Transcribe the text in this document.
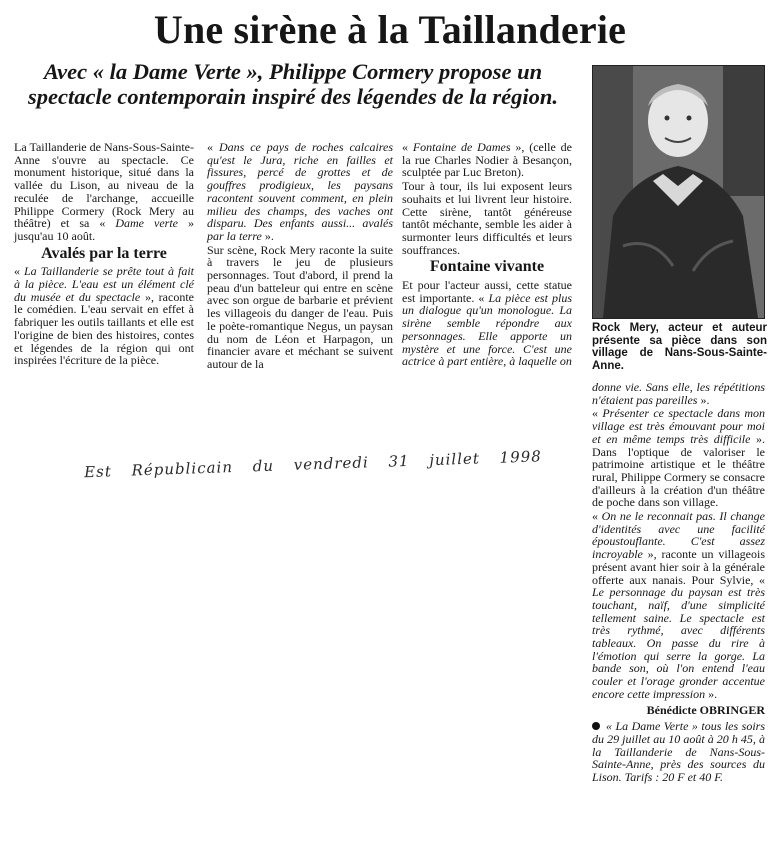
Une sirène à la Taillanderie
Avec « la Dame Verte », Philippe Cormery propose un spectacle contemporain inspiré des légendes de la région.

La Taillanderie de Nans-Sous-Sainte-Anne s'ouvre au spectacle. Ce monument historique, situé dans la vallée du Lison, au niveau de la reculée de l'archange, accueille Philippe Cormery (Rock Mery au théâtre) et sa « Dame verte » jusqu'au 10 août.

Avalés par la terre

« La Taillanderie se prête tout à fait à la pièce. L'eau est un élément clé du musée et du spectacle », raconte le comédien. L'eau servait en effet à fabriquer les outils taillants et elle est l'origine de bien des histoires, contes et légendes de la région qui ont inspirées l'écriture de la pièce.

« Dans ce pays de roches calcaires qu'est le Jura, riche en failles et fissures, percé de grottes et de gouffres prodigieux, les paysans racontent souvent comment, en plein milieu des champs, des vaches ont disparu. Des enfants aussi... avalés par la terre ».

Sur scène, Rock Mery raconte la suite à travers le jeu de plusieurs personnages. Tout d'abord, il prend la peau d'un batteleur qui entre en scène avec son orgue de barbarie et prévient les villageois du danger de l'eau. Puis le poète-romantique Negus, un paysan du nom de Léon et Harpagon, un financier avare et méchant se suivent autour de la

« Fontaine de Dames », (celle de la rue Charles Nodier à Besançon, sculptée par Luc Breton).

Tour à tour, ils lui exposent leurs souhaits et lui livrent leur histoire. Cette sirène, tantôt généreuse tantôt méchante, semble les aider à surmonter leurs difficultés et leurs souffrances.

Fontaine vivante

Et pour l'acteur aussi, cette statue est importante. « La pièce est plus un dialogue qu'un monologue. La sirène semble répondre aux personnages. Elle apporte un mystère et une force. C'est une actrice à part entière, à laquelle on

Rock Mery, acteur et auteur présente sa pièce dans son village de Nans-Sous-Sainte-Anne.

donne vie. Sans elle, les répétitions n'étaient pas pareilles ».

« Présenter ce spectacle dans mon village est très émouvant pour moi et en même temps très difficile ». Dans l'optique de valoriser le patrimoine artistique et le théâtre rural, Philippe Cormery se consacre d'ailleurs à la création d'un théâtre de poche dans son village.

« On ne le reconnait pas. Il change d'identités avec une facilité époustouflante. C'est assez incroyable », raconte un villageois présent avant hier soir à la générale offerte aux nanais. Pour Sylvie, « Le personnage du paysan est très touchant, naïf, d'une simplicité tellement saine. Le spectacle est très rythmé, avec différents tableaux. On passe du rire à l'émotion qui serre la gorge. La bande son, où l'on entend l'eau couler et l'orage gronder accentue encore cette impression ».

Bénédicte OBRINGER

« La Dame Verte » tous les soirs du 29 juillet au 10 août à 20 h 45, à la Taillanderie de Nans-Sous-Sainte-Anne, près des sources du Lison. Tarifs : 20 F et 40 F.

Est Républicain du vendredi 31 juillet 1998
